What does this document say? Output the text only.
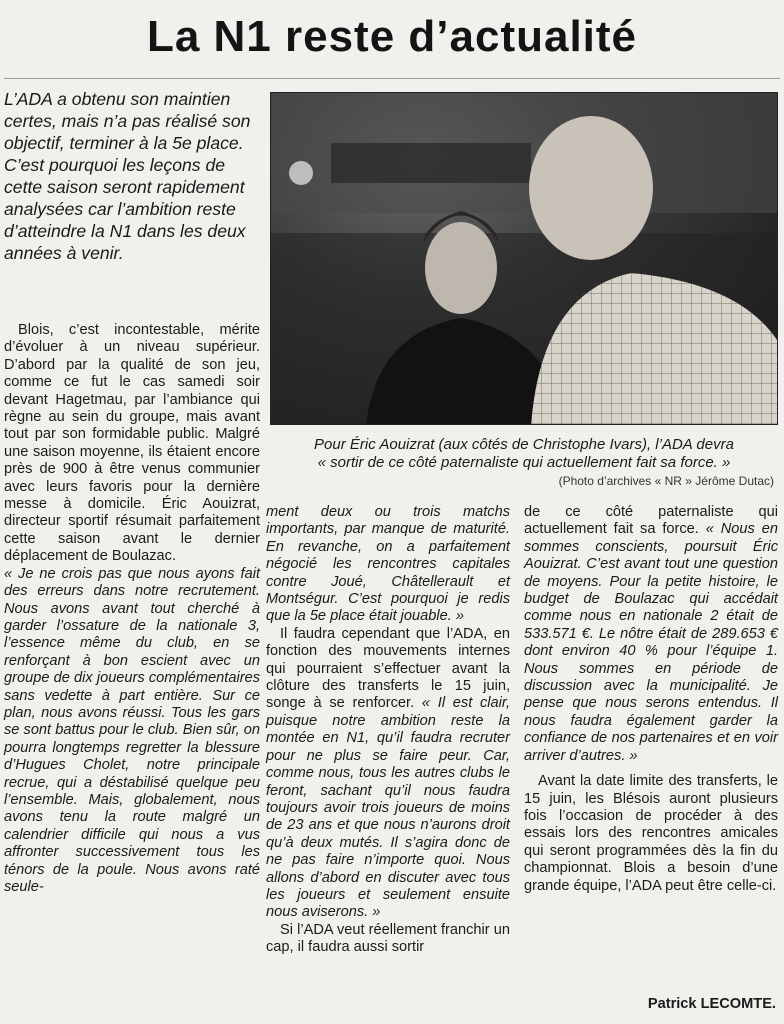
La N1 reste d’actualité
L’ADA a obtenu son maintien certes, mais n’a pas réalisé son objectif, terminer à la 5e place. C’est pourquoi les leçons de cette saison seront rapidement analysées car l’ambition reste d’atteindre la N1 dans les deux années à venir.
Pour Éric Aouizrat (aux côtés de Christophe Ivars), l’ADA devra
« sortir de ce côté paternaliste qui actuellement fait sa force. »
(Photo d’archives « NR » Jérôme Dutac)

Blois, c’est incontestable, mérite d’évoluer à un niveau supérieur. D’abord par la qualité de son jeu, comme ce fut le cas samedi soir devant Hagetmau, par l’ambiance qui règne au sein du groupe, mais avant tout par son formidable public. Malgré une saison moyenne, ils étaient encore près de 900 à être venus communier avec leurs favoris pour la dernière messe à domicile. Éric Aouizrat, directeur sportif résumait parfaitement cette saison avant le dernier déplacement de Boulazac.

« Je ne crois pas que nous ayons fait des erreurs dans notre recrutement. Nous avons avant tout cherché à garder l’ossature de la nationale 3, l’essence même du club, en se renforçant à bon escient avec un groupe de dix joueurs complémentaires sans vedette à part entière. Sur ce plan, nous avons réussi. Tous les gars se sont battus pour le club. Bien sûr, on pourra longtemps regretter la blessure d’Hugues Cholet, notre principale recrue, qui a déstabilisé quelque peu l’ensemble. Mais, globalement, nous avons tenu la route malgré un calendrier difficile qui nous a vus affronter successivement tous les ténors de la poule. Nous avons raté seule-

ment deux ou trois matchs importants, par manque de maturité. En revanche, on a parfaitement négocié les rencontres capitales contre Joué, Châtellerault et Montségur. C’est pourquoi je redis que la 5e place était jouable. »

Il faudra cependant que l’ADA, en fonction des mouvements internes qui pourraient s’effectuer avant la clôture des transferts le 15 juin, songe à se renforcer. « Il est clair, puisque notre ambition reste la montée en N1, qu’il faudra recruter pour ne plus se faire peur. Car, comme nous, tous les autres clubs le feront, sachant qu’il nous faudra toujours avoir trois joueurs de moins de 23 ans et que nous n’aurons droit qu’à deux mutés. Il s’agira donc de ne pas faire n’importe quoi. Nous allons d’abord en discuter avec tous les joueurs et seulement ensuite nous aviserons. »

Si l’ADA veut réellement franchir un cap, il faudra aussi sortir

de ce côté paternaliste qui actuellement fait sa force. « Nous en sommes conscients, poursuit Éric Aouizrat. C’est avant tout une question de moyens. Pour la petite histoire, le budget de Boulazac qui accédait comme nous en nationale 2 était de 533.571 €. Le nôtre était de 289.653 € dont environ 40 % pour l’équipe 1. Nous sommes en période de discussion avec la municipalité. Je pense que nous serons entendus. Il nous faudra également garder la confiance de nos partenaires et en voir arriver d’autres. »

Avant la date limite des transferts, le 15 juin, les Blésois auront plusieurs fois l’occasion de procéder à des essais lors des rencontres amicales qui seront programmées dès la fin du championnat. Blois a besoin d’une grande équipe, l’ADA peut être celle-ci.

Patrick LECOMTE.
